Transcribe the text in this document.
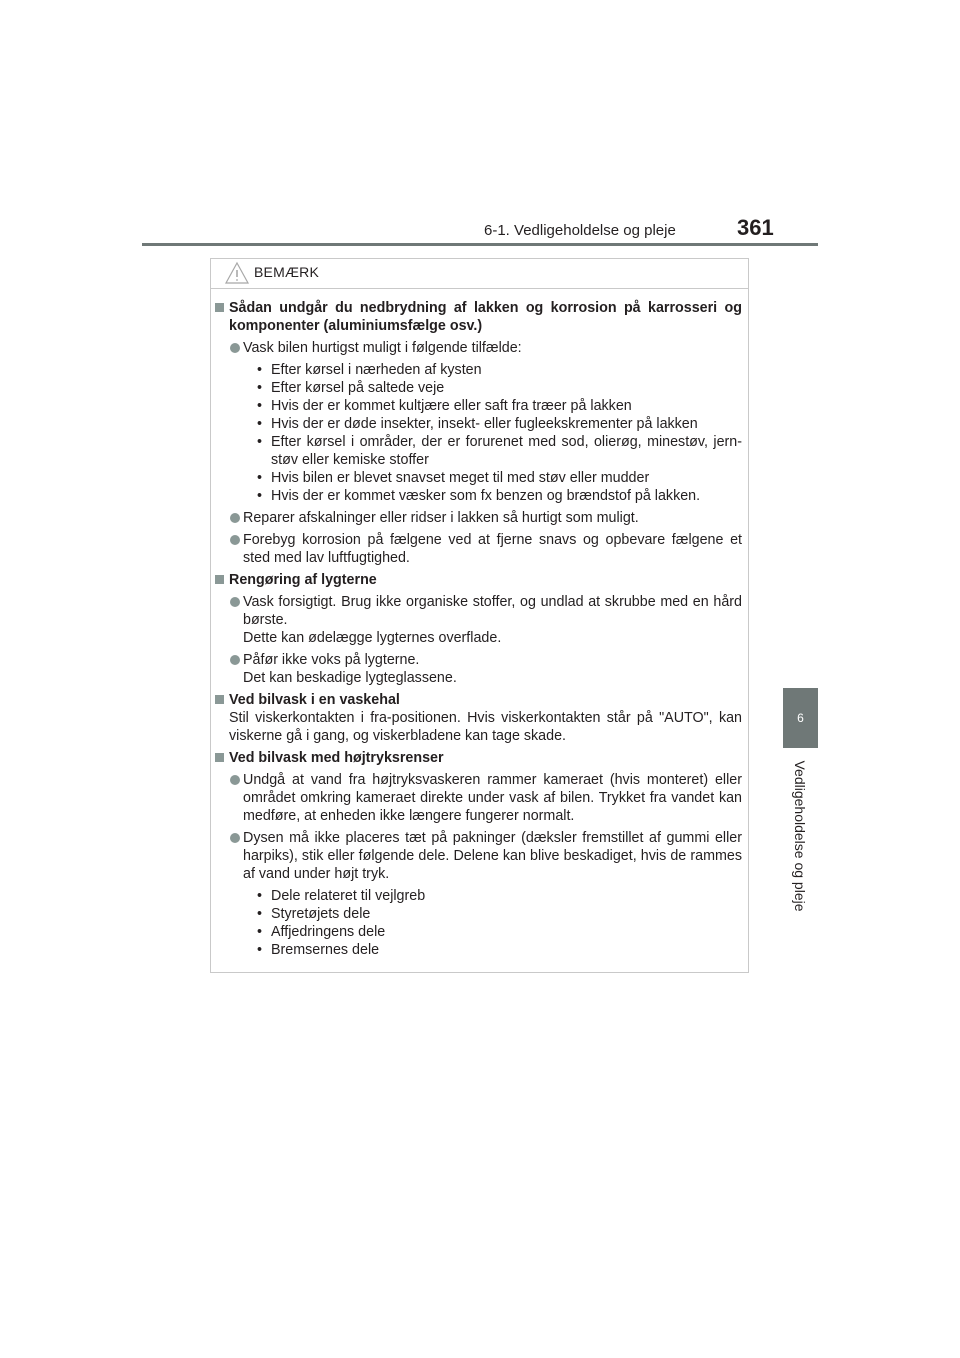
6-1. Vedligeholdelse og pleje	361
6
Vedligeholdelse og pleje
BEMÆRK
Sådan undgår du nedbrydning af lakken og korrosion på karrosseri og komponenter (aluminiumsfælge osv.)
Vask bilen hurtigst muligt i følgende tilfælde:
• Efter kørsel i nærheden af kysten
• Efter kørsel på saltede veje
• Hvis der er kommet kultjære eller saft fra træer på lakken
• Hvis der er døde insekter, insekt- eller fugleekskrementer på lakken
• Efter kørsel i områder, der er forurenet med sod, olierøg, minestøv, jernstøv eller kemiske stoffer
• Hvis bilen er blevet snavset meget til med støv eller mudder
• Hvis der er kommet væsker som fx benzen og brændstof på lakken.
Reparer afskalninger eller ridser i lakken så hurtigt som muligt.
Forebyg korrosion på fælgene ved at fjerne snavs og opbevare fælgene et sted med lav luftfugtighed.
Rengøring af lygterne
Vask forsigtigt. Brug ikke organiske stoffer, og undlad at skrubbe med en hård børste.
Dette kan ødelægge lygternes overflade.
Påfør ikke voks på lygterne.
Det kan beskadige lygteglassene.
Ved bilvask i en vaskehal
Stil viskerkontakten i fra-positionen. Hvis viskerkontakten står på "AUTO", kan viskerne gå i gang, og viskerbladene kan tage skade.
Ved bilvask med højtryksrenser
Undgå at vand fra højtryksvaskeren rammer kameraet (hvis monteret) eller området omkring kameraet direkte under vask af bilen. Trykket fra vandet kan medføre, at enheden ikke længere fungerer normalt.
Dysen må ikke placeres tæt på pakninger (dæksler fremstillet af gummi eller harpiks), stik eller følgende dele. Delene kan blive beskadiget, hvis de rammes af vand under højt tryk.
• Dele relateret til vejlgreb
• Styretøjets dele
• Affjedringens dele
• Bremsernes dele
